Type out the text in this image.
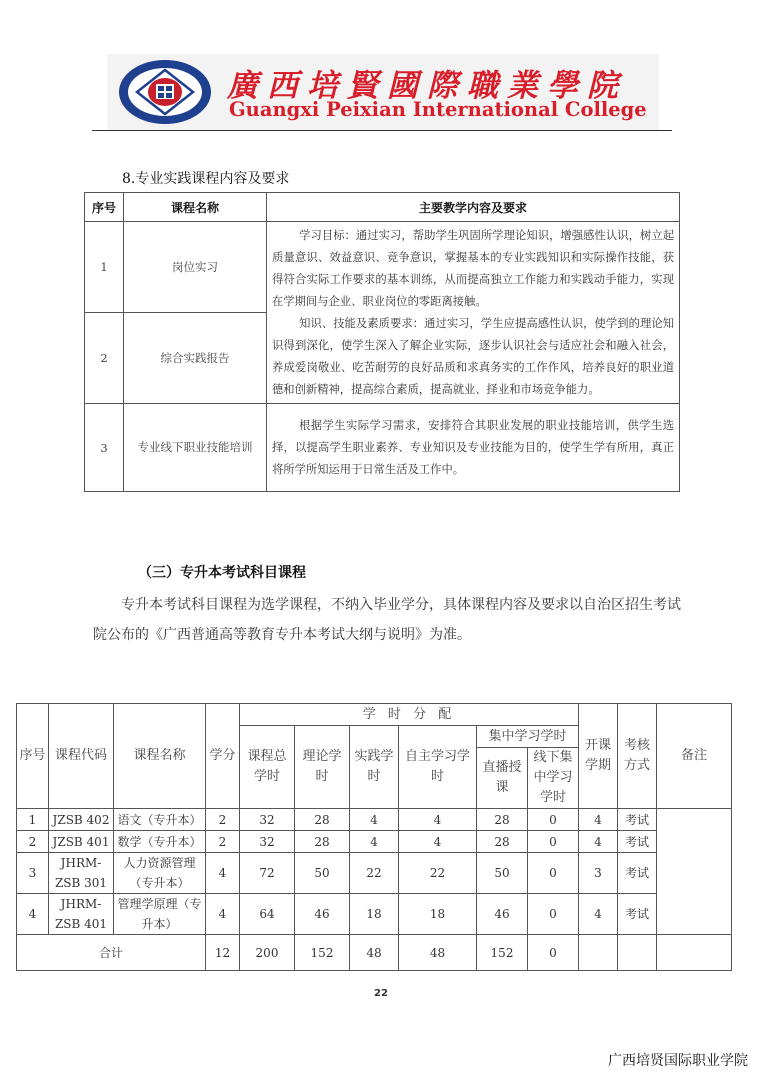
廣西培賢國際職業學院
Guangxi Peixian International College
8.专业实践课程内容及要求
序号	课程名称	主要教学内容及要求
1	岗位实习	学习目标：通过实习，帮助学生巩固所学理论知识，增强感性认识，树立起质量意识、效益意识、竞争意识，掌握基本的专业实践知识和实际操作技能，获得符合实际工作要求的基本训练，从而提高独立工作能力和实践动手能力，实现在学期间与企业、职业岗位的零距离接触。

知识、技能及素质要求：通过实习，学生应提高感性认识，使学到的理论知识得到深化，使学生深入了解企业实际，逐步认识社会与适应社会和融入社会，养成爱岗敬业、吃苦耐劳的良好品质和求真务实的工作作风，培养良好的职业道德和创新精神，提高综合素质，提高就业、择业和市场竞争能力。

2	综合实践报告	
3	专业线下职业技能培训	根据学生实际学习需求，安排符合其职业发展的职业技能培训，供学生选择，以提高学生职业素养、专业知识及专业技能为目的，使学生学有所用，真正将所学所知运用于日常生活及工作中。

（三）专升本考试科目课程
专升本考试科目课程为选学课程，不纳入毕业学分，具体课程内容及要求以自治区招生考试院公布的《广西普通高等教育专升本考试大纲与说明》为准。
序号	课程代码	课程名称	学分	学 时 分 配						开课学期	考核方式	备注
				课程总学时	理论学时	实践学时	自主学习学时	集中学习学时				
								直播授课	线下集中学习学时			
1	JZSB 402	语文（专升本）	2	32	28	4	4	28	0	4	考试	
2	JZSB 401	数学（专升本）	2	32	28	4	4	28	0	4	考试	
3	JHRM-ZSB 301	人力资源管理（专升本）	4	72	50	22	22	50	0	3	考试	
4	JHRM-ZSB 401	管理学原理（专升本）	4	64	46	18	18	46	0	4	考试	
合计			12	200	152	48	48	152	0			
22
广西培贤国际职业学院
